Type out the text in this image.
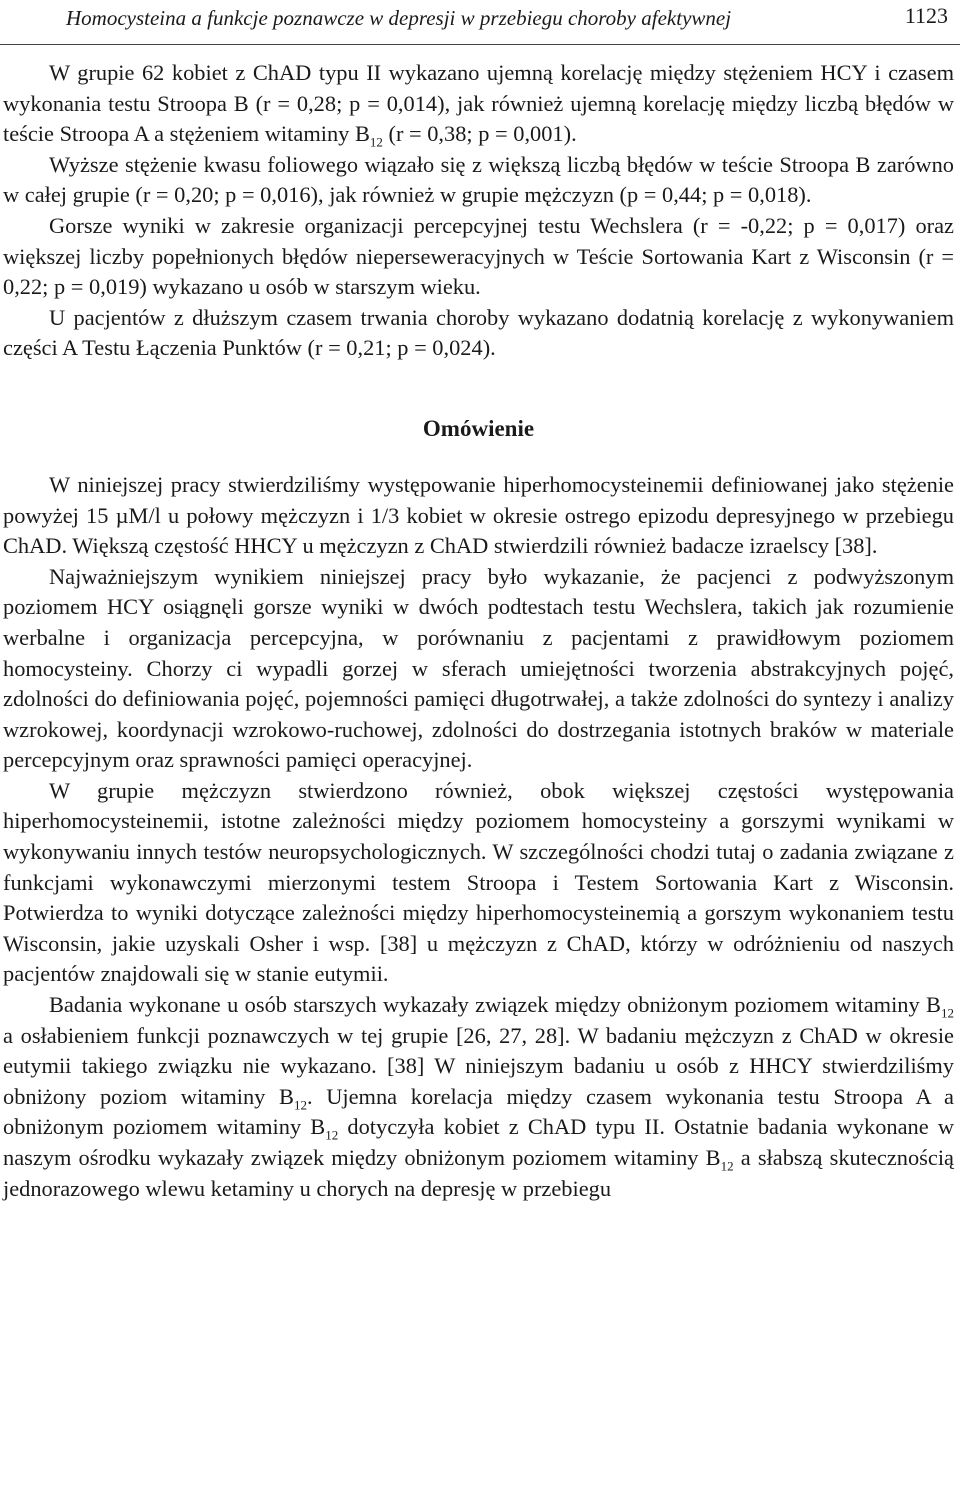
Homocysteina a funkcje poznawcze w depresji w przebiegu choroby afektywnej	1123

W grupie 62 kobiet z ChAD typu II wykazano ujemną korelację między stężeniem HCY i czasem wykonania testu Stroopa B (r = 0,28; p = 0,014), jak również ujemną korelację między liczbą błędów w teście Stroopa A a stężeniem witaminy $B_{12}$ (r = 0,38; p = 0,001).

Wyższe stężenie kwasu foliowego wiązało się z większą liczbą błędów w teście Stroopa B zarówno w całej grupie (r = 0,20; p = 0,016), jak również w grupie mężczyzn (p = 0,44; p = 0,018).

Gorsze wyniki w zakresie organizacji percepcyjnej testu Wechslera (r = -0,22; p = 0,017) oraz większej liczby popełnionych błędów nieperseweracyjnych w Teście Sortowania Kart z Wisconsin (r = 0,22; p = 0,019) wykazano u osób w starszym wieku.

U pacjentów z dłuższym czasem trwania choroby wykazano dodatnią korelację z wykonywaniem części A Testu Łączenia Punktów (r = 0,21; p = 0,024).

Omówienie

W niniejszej pracy stwierdziliśmy występowanie hiperhomocysteinemii definiowanej jako stężenie powyżej 15 µM/l u połowy mężczyzn i 1/3 kobiet w okresie ostrego epizodu depresyjnego w przebiegu ChAD. Większą częstość HHCY u mężczyzn z ChAD stwierdzili również badacze izraelscy [38].

Najważniejszym wynikiem niniejszej pracy było wykazanie, że pacjenci z podwyższonym poziomem HCY osiągnęli gorsze wyniki w dwóch podtestach testu Wechslera, takich jak rozumienie werbalne i organizacja percepcyjna, w porównaniu z pacjentami z prawidłowym poziomem homocysteiny. Chorzy ci wypadli gorzej w sferach umiejętności tworzenia abstrakcyjnych pojęć, zdolności do definiowania pojęć, pojemności pamięci długotrwałej, a także zdolności do syntezy i analizy wzrokowej, koordynacji wzrokowo-ruchowej, zdolności do dostrzegania istotnych braków w materiale percepcyjnym oraz sprawności pamięci operacyjnej.

W grupie mężczyzn stwierdzono również, obok większej częstości występowania hiperhomocysteinemii, istotne zależności między poziomem homocysteiny a gorszymi wynikami w wykonywaniu innych testów neuropsychologicznych. W szczególności chodzi tutaj o zadania związane z funkcjami wykonawczymi mierzonymi testem Stroopa i Testem Sortowania Kart z Wisconsin. Potwierdza to wyniki dotyczące zależności między hiperhomocysteinemią a gorszym wykonaniem testu Wisconsin, jakie uzyskali Osher i wsp. [38] u mężczyzn z ChAD, którzy w odróżnieniu od naszych pacjentów znajdowali się w stanie eutymii.

Badania wykonane u osób starszych wykazały związek między obniżonym poziomem witaminy $B_{12}$ a osłabieniem funkcji poznawczych w tej grupie [26, 27, 28]. W badaniu mężczyzn z ChAD w okresie eutymii takiego związku nie wykazano. [38] W niniejszym badaniu u osób z HHCY stwierdziliśmy obniżony poziom witaminy $B_{12}$. Ujemna korelacja między czasem wykonania testu Stroopa A a obniżonym poziomem witaminy $B_{12}$ dotyczyła kobiet z ChAD typu II. Ostatnie badania wykonane w naszym ośrodku wykazały związek między obniżonym poziomem witaminy $B_{12}$ a słabszą skutecznością jednorazowego wlewu ketaminy u chorych na depresję w przebiegu
